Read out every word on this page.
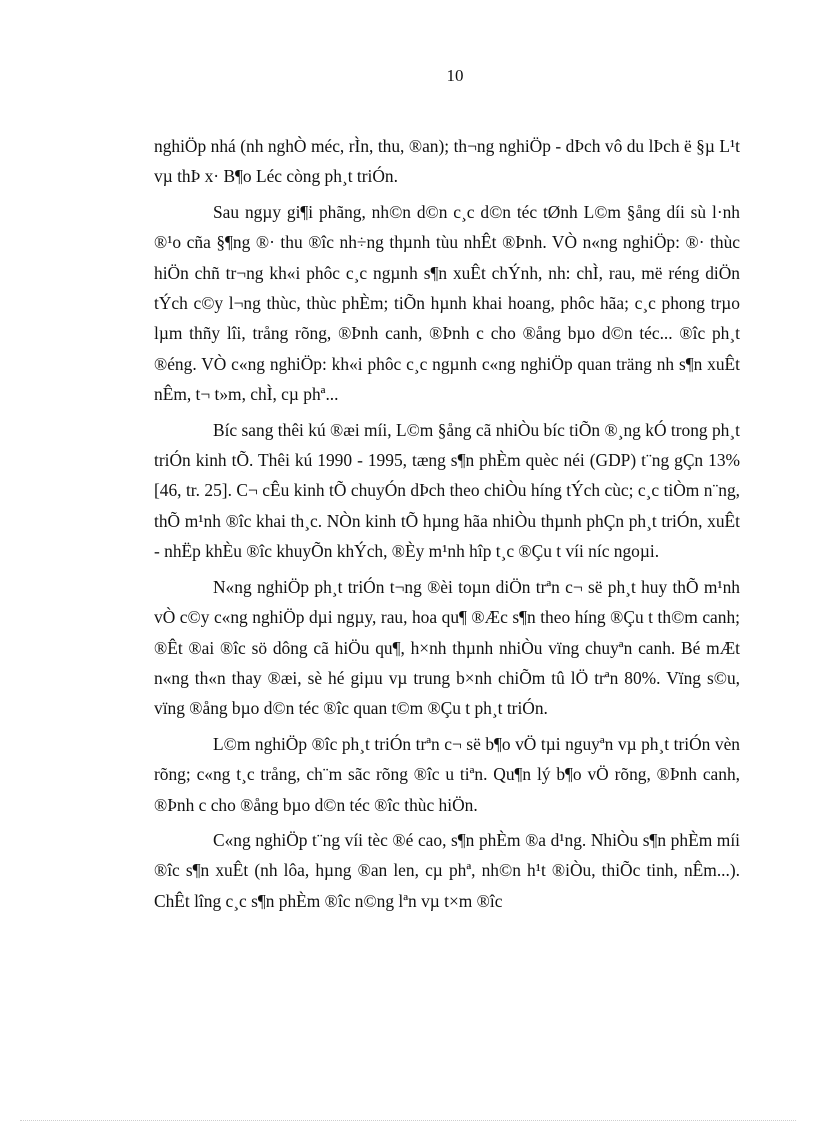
10

nghiÖp nhá (nh nghÒ méc, rÌn, thu, ®an); th¬ng nghiÖp - dÞch vô du lÞch ë §µ L¹t vµ thÞ x· B¶o Léc còng ph¸t triÓn.

Sau ngµy gi¶i phãng, nh©n d©n c¸c d©n téc tØnh L©m §ång díi sù l·nh ®¹o cña §¶ng ®· thu ®îc nh÷ng thµnh tùu nhÊt ®Þnh. VÒ n«ng nghiÖp: ®· thùc hiÖn chñ tr¬ng kh«i phôc c¸c ngµnh s¶n xuÊt chÝnh, nh: chÌ, rau, më réng diÖn tÝch c©y l¬ng thùc, thùc phÈm; tiÕn hµnh khai hoang, phôc hãa; c¸c phong trµo lµm thñy lîi, trång rõng, ®Þnh canh, ®Þnh c cho ®ång bµo d©n téc... ®îc ph¸t ®éng. VÒ c«ng nghiÖp: kh«i phôc c¸c ngµnh c«ng nghiÖp quan träng nh s¶n xuÊt nÊm, t¬ t»m, chÌ, cµ phª...

Bíc sang thêi kú ®æi míi, L©m §ång cã nhiÒu bíc tiÕn ®¸ng kÓ trong ph¸t triÓn kinh tÕ. Thêi kú 1990 - 1995, tæng s¶n phÈm quèc néi (GDP) t¨ng gÇn 13% [46, tr. 25]. C¬ cÊu kinh tÕ chuyÓn dÞch theo chiÒu híng tÝch cùc; c¸c tiÒm n¨ng, thÕ m¹nh ®îc khai th¸c. NÒn kinh tÕ hµng hãa nhiÒu thµnh phÇn ph¸t triÓn, xuÊt - nhËp khÈu ®îc khuyÕn khÝch, ®Èy m¹nh hîp t¸c ®Çu t víi níc ngoµi.

N«ng nghiÖp ph¸t triÓn t¬ng ®èi toµn diÖn trªn c¬ së ph¸t huy thÕ m¹nh vÒ c©y c«ng nghiÖp dµi ngµy, rau, hoa qu¶ ®Æc s¶n theo híng ®Çu t th©m canh; ®Êt ®ai ®îc sö dông cã hiÖu qu¶, h×nh thµnh nhiÒu vïng chuyªn canh. Bé mÆt n«ng th«n thay ®æi, sè hé giµu vµ trung b×nh chiÕm tû lÖ trªn 80%. Vïng s©u, vïng ®ång bµo d©n téc ®îc quan t©m ®Çu t ph¸t triÓn.

L©m nghiÖp ®îc ph¸t triÓn trªn c¬ së b¶o vÖ tµi nguyªn vµ ph¸t triÓn vèn rõng; c«ng t¸c trång, ch¨m sãc rõng ®îc u tiªn. Qu¶n lý b¶o vÖ rõng, ®Þnh canh, ®Þnh c cho ®ång bµo d©n téc ®îc thùc hiÖn.

C«ng nghiÖp t¨ng víi tèc ®é cao, s¶n phÈm ®a d¹ng. NhiÒu s¶n phÈm míi ®îc s¶n xuÊt (nh lôa, hµng ®an len, cµ phª, nh©n h¹t ®iÒu, thiÕc tinh, nÊm...). ChÊt lîng c¸c s¶n phÈm ®îc n©ng lªn vµ t×m ®îc
